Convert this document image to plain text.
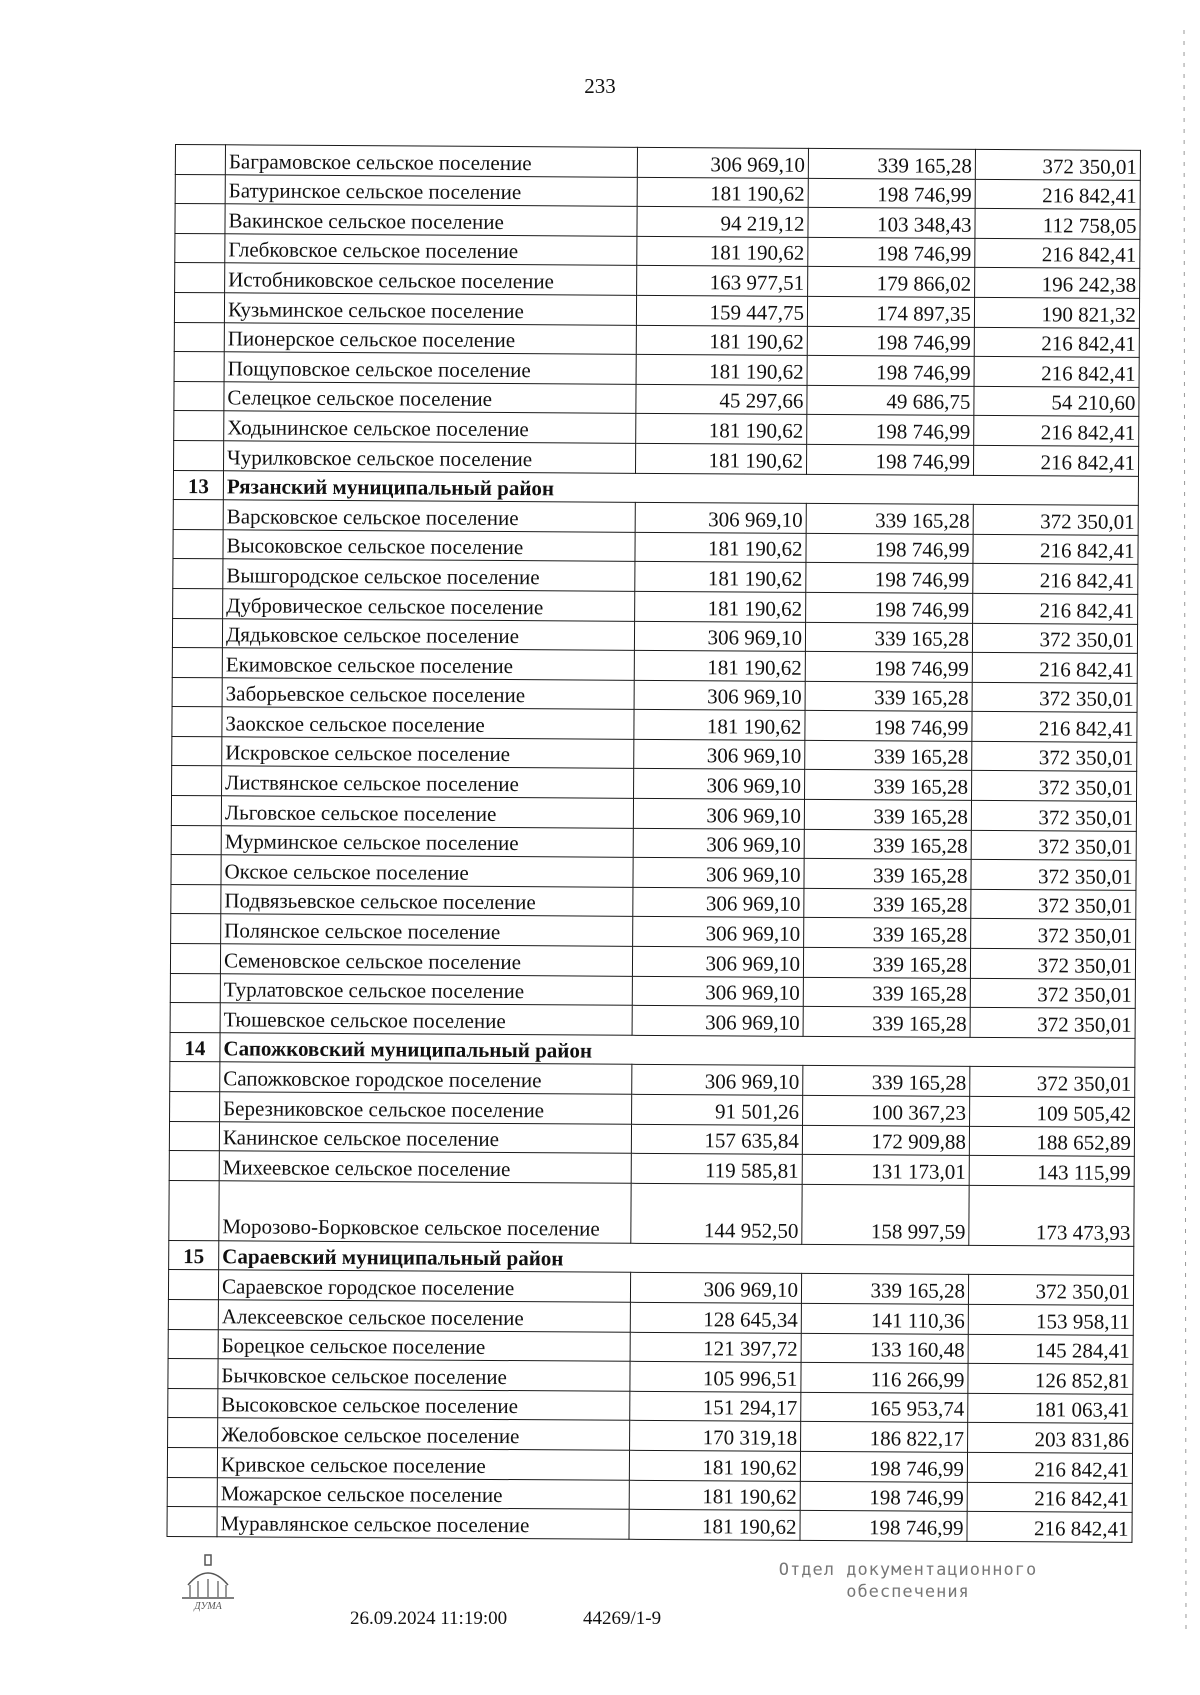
233
	Баграмовское сельское поселение	306 969,10	339 165,28	372 350,01
	Батуринское сельское поселение	181 190,62	198 746,99	216 842,41
	Вакинское сельское поселение	94 219,12	103 348,43	112 758,05
	Глебковское сельское поселение	181 190,62	198 746,99	216 842,41
	Истобниковское сельское поселение	163 977,51	179 866,02	196 242,38
	Кузьминское сельское поселение	159 447,75	174 897,35	190 821,32
	Пионерское сельское поселение	181 190,62	198 746,99	216 842,41
	Пощуповское сельское поселение	181 190,62	198 746,99	216 842,41
	Селецкое сельское поселение	45 297,66	49 686,75	54 210,60
	Ходынинское сельское поселение	181 190,62	198 746,99	216 842,41
	Чурилковское сельское поселение	181 190,62	198 746,99	216 842,41
13	Рязанский муниципальный район			
	Варсковское сельское поселение	306 969,10	339 165,28	372 350,01
	Высоковское сельское поселение	181 190,62	198 746,99	216 842,41
	Вышгородское сельское поселение	181 190,62	198 746,99	216 842,41
	Дубровическое сельское поселение	181 190,62	198 746,99	216 842,41
	Дядьковское сельское поселение	306 969,10	339 165,28	372 350,01
	Екимовское сельское поселение	181 190,62	198 746,99	216 842,41
	Заборьевское сельское поселение	306 969,10	339 165,28	372 350,01
	Заокское сельское поселение	181 190,62	198 746,99	216 842,41
	Искровское сельское поселение	306 969,10	339 165,28	372 350,01
	Листвянское сельское поселение	306 969,10	339 165,28	372 350,01
	Льговское сельское поселение	306 969,10	339 165,28	372 350,01
	Мурминское сельское поселение	306 969,10	339 165,28	372 350,01
	Окское сельское поселение	306 969,10	339 165,28	372 350,01
	Подвязьевское сельское поселение	306 969,10	339 165,28	372 350,01
	Полянское сельское поселение	306 969,10	339 165,28	372 350,01
	Семеновское сельское поселение	306 969,10	339 165,28	372 350,01
	Турлатовское сельское поселение	306 969,10	339 165,28	372 350,01
	Тюшевское сельское поселение	306 969,10	339 165,28	372 350,01
14	Сапожковский муниципальный район			
	Сапожковское городское поселение	306 969,10	339 165,28	372 350,01
	Березниковское сельское поселение	91 501,26	100 367,23	109 505,42
	Канинское сельское поселение	157 635,84	172 909,88	188 652,89
	Михеевское сельское поселение	119 585,81	131 173,01	143 115,99
	Морозово-Борковское сельское поселение	144 952,50	158 997,59	173 473,93
15	Сараевский муниципальный район			
	Сараевское городское поселение	306 969,10	339 165,28	372 350,01
	Алексеевское сельское поселение	128 645,34	141 110,36	153 958,11
	Борецкое сельское поселение	121 397,72	133 160,48	145 284,41
	Бычковское сельское поселение	105 996,51	116 266,99	126 852,81
	Высоковское сельское поселение	151 294,17	165 953,74	181 063,41
	Желобовское сельское поселение	170 319,18	186 822,17	203 831,86
	Кривское сельское поселение	181 190,62	198 746,99	216 842,41
	Можарское сельское поселение	181 190,62	198 746,99	216 842,41
	Муравлянское сельское поселение	181 190,62	198 746,99	216 842,41
ДУМА
26.09.2024 11:19:00	44269/1-9
Отдел документационного
обеспечения
